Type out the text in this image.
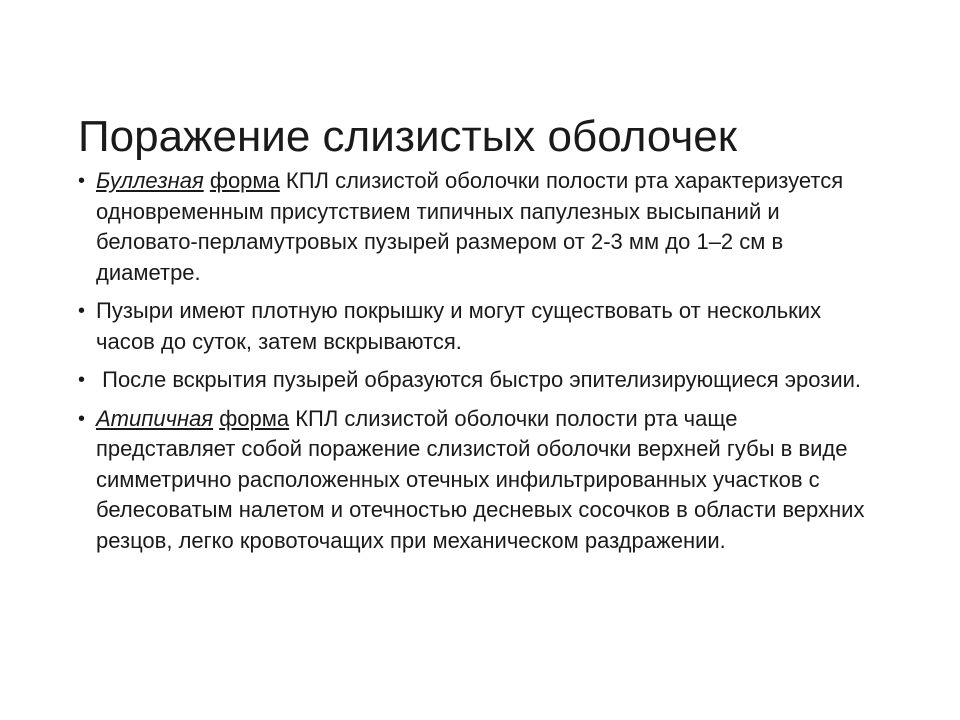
Поражение слизистых оболочек
• Буллезная форма КПЛ слизистой оболочки полости рта характеризуется одновременным присутствием типичных папулезных высыпаний и беловато-перламутровых пузырей размером от 2-3 мм до 1–2 см в диаметре.
• Пузыри имеют плотную покрышку и могут существовать от нескольких часов до суток, затем вскрываются.
• После вскрытия пузырей образуются быстро эпителизирующиеся эрозии.
• Атипичная форма КПЛ слизистой оболочки полости рта чаще представляет собой поражение слизистой оболочки верхней губы в виде симметрично расположенных отечных инфильтрированных участков с белесоватым налетом и отечностью десневых сосочков в области верхних резцов, легко кровоточащих при механическом раздражении.
